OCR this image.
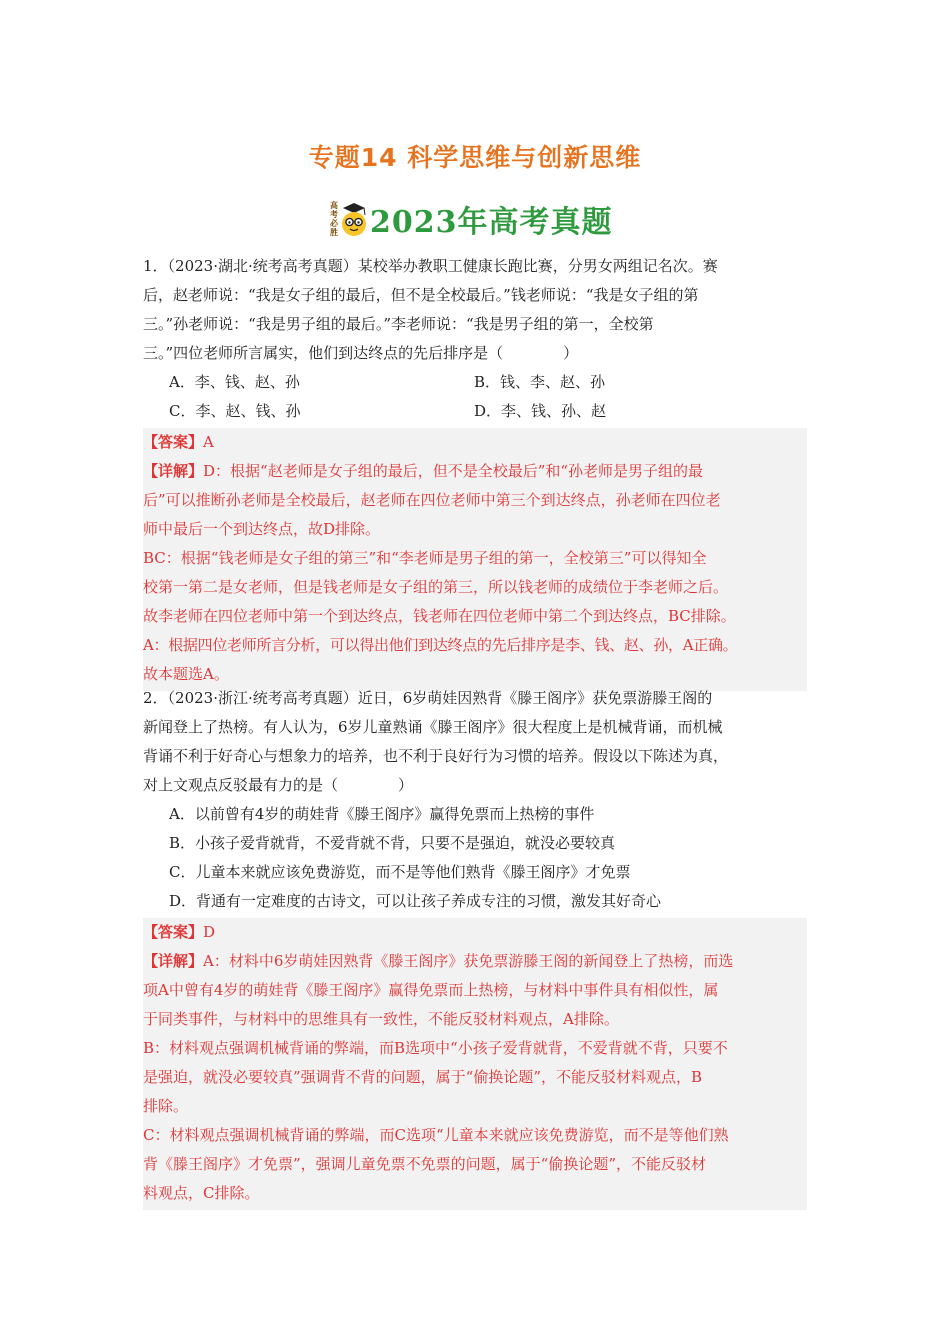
专题14 科学思维与创新思维
高
考
必
胜 2023年高考真题

1．（2023·湖北·统考高考真题）某校举办教职工健康长跑比赛，分男女两组记名次。赛

后，赵老师说：“我是女子组的最后，但不是全校最后。”钱老师说：“我是女子组的第

三。”孙老师说：“我是男子组的最后。”李老师说：“我是男子组的第一，全校第

三。”四位老师所言属实，他们到达终点的先后排序是（　　　　）

A．李、钱、赵、孙	B．钱、李、赵、孙
C．李、赵、钱、孙	D．李、钱、孙、赵

【答案】A

【详解】D：根据“赵老师是女子组的最后，但不是全校最后”和“孙老师是男子组的最

后”可以推断孙老师是全校最后，赵老师在四位老师中第三个到达终点，孙老师在四位老

师中最后一个到达终点，故D排除。

BC：根据“钱老师是女子组的第三”和“李老师是男子组的第一，全校第三”可以得知全

校第一第二是女老师，但是钱老师是女子组的第三，所以钱老师的成绩位于李老师之后。

故李老师在四位老师中第一个到达终点，钱老师在四位老师中第二个到达终点，BC排除。

A：根据四位老师所言分析，可以得出他们到达终点的先后排序是李、钱、赵、孙，A正确。

故本题选A。

2．（2023·浙江·统考高考真题）近日，6岁萌娃因熟背《滕王阁序》获免票游滕王阁的

新闻登上了热榜。有人认为，6岁儿童熟诵《滕王阁序》很大程度上是机械背诵，而机械

背诵不利于好奇心与想象力的培养，也不利于良好行为习惯的培养。假设以下陈述为真，

对上文观点反驳最有力的是（　　　　）

A．以前曾有4岁的萌娃背《滕王阁序》赢得免票而上热榜的事件
B．小孩子爱背就背，不爱背就不背，只要不是强迫，就没必要较真
C．儿童本来就应该免费游览，而不是等他们熟背《滕王阁序》才免票
D．背通有一定难度的古诗文，可以让孩子养成专注的习惯，激发其好奇心

【答案】D

【详解】A：材料中6岁萌娃因熟背《滕王阁序》获免票游滕王阁的新闻登上了热榜，而选

项A中曾有4岁的萌娃背《滕王阁序》赢得免票而上热榜，与材料中事件具有相似性，属

于同类事件，与材料中的思维具有一致性，不能反驳材料观点，A排除。

B：材料观点强调机械背诵的弊端，而B选项中“小孩子爱背就背，不爱背就不背，只要不

是强迫，就没必要较真”强调背不背的问题，属于“偷换论题”，不能反驳材料观点，B

排除。

C：材料观点强调机械背诵的弊端，而C选项“儿童本来就应该免费游览，而不是等他们熟

背《滕王阁序》才免票”，强调儿童免票不免票的问题，属于“偷换论题”，不能反驳材

料观点，C排除。
